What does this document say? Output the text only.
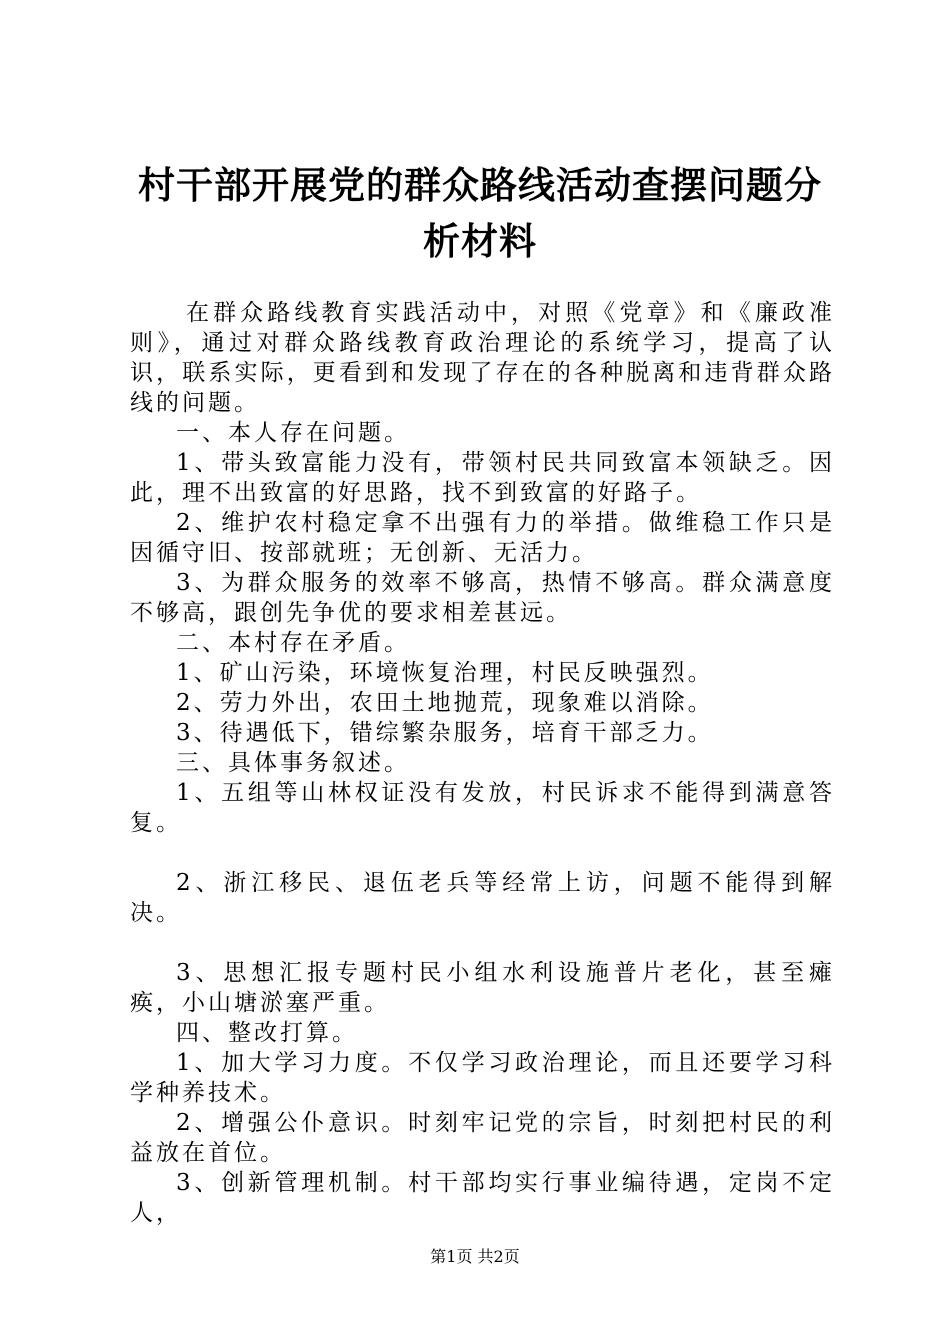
村干部开展党的群众路线活动查摆问题分析材料

在群众路线教育实践活动中，对照《党章》和《廉政准则》，通过对群众路线教育政治理论的系统学习，提高了认识，联系实际，更看到和发现了存在的各种脱离和违背群众路线的问题。

一、本人存在问题。

1、带头致富能力没有，带领村民共同致富本领缺乏。因此，理不出致富的好思路，找不到致富的好路子。

2、维护农村稳定拿不出强有力的举措。做维稳工作只是因循守旧、按部就班；无创新、无活力。

3、为群众服务的效率不够高，热情不够高。群众满意度不够高，跟创先争优的要求相差甚远。

二、本村存在矛盾。

1、矿山污染，环境恢复治理，村民反映强烈。

2、劳力外出，农田土地抛荒，现象难以消除。

3、待遇低下，错综繁杂服务，培育干部乏力。

三、具体事务叙述。

1、五组等山林权证没有发放，村民诉求不能得到满意答复。

2、浙江移民、退伍老兵等经常上访，问题不能得到解决。

3、思想汇报专题村民小组水利设施普片老化，甚至瘫痪，小山塘淤塞严重。

四、整改打算。

1、加大学习力度。不仅学习政治理论，而且还要学习科学种养技术。

2、增强公仆意识。时刻牢记党的宗旨，时刻把村民的利益放在首位。

3、创新管理机制。村干部均实行事业编待遇，定岗不定人，

第1页 共2页
